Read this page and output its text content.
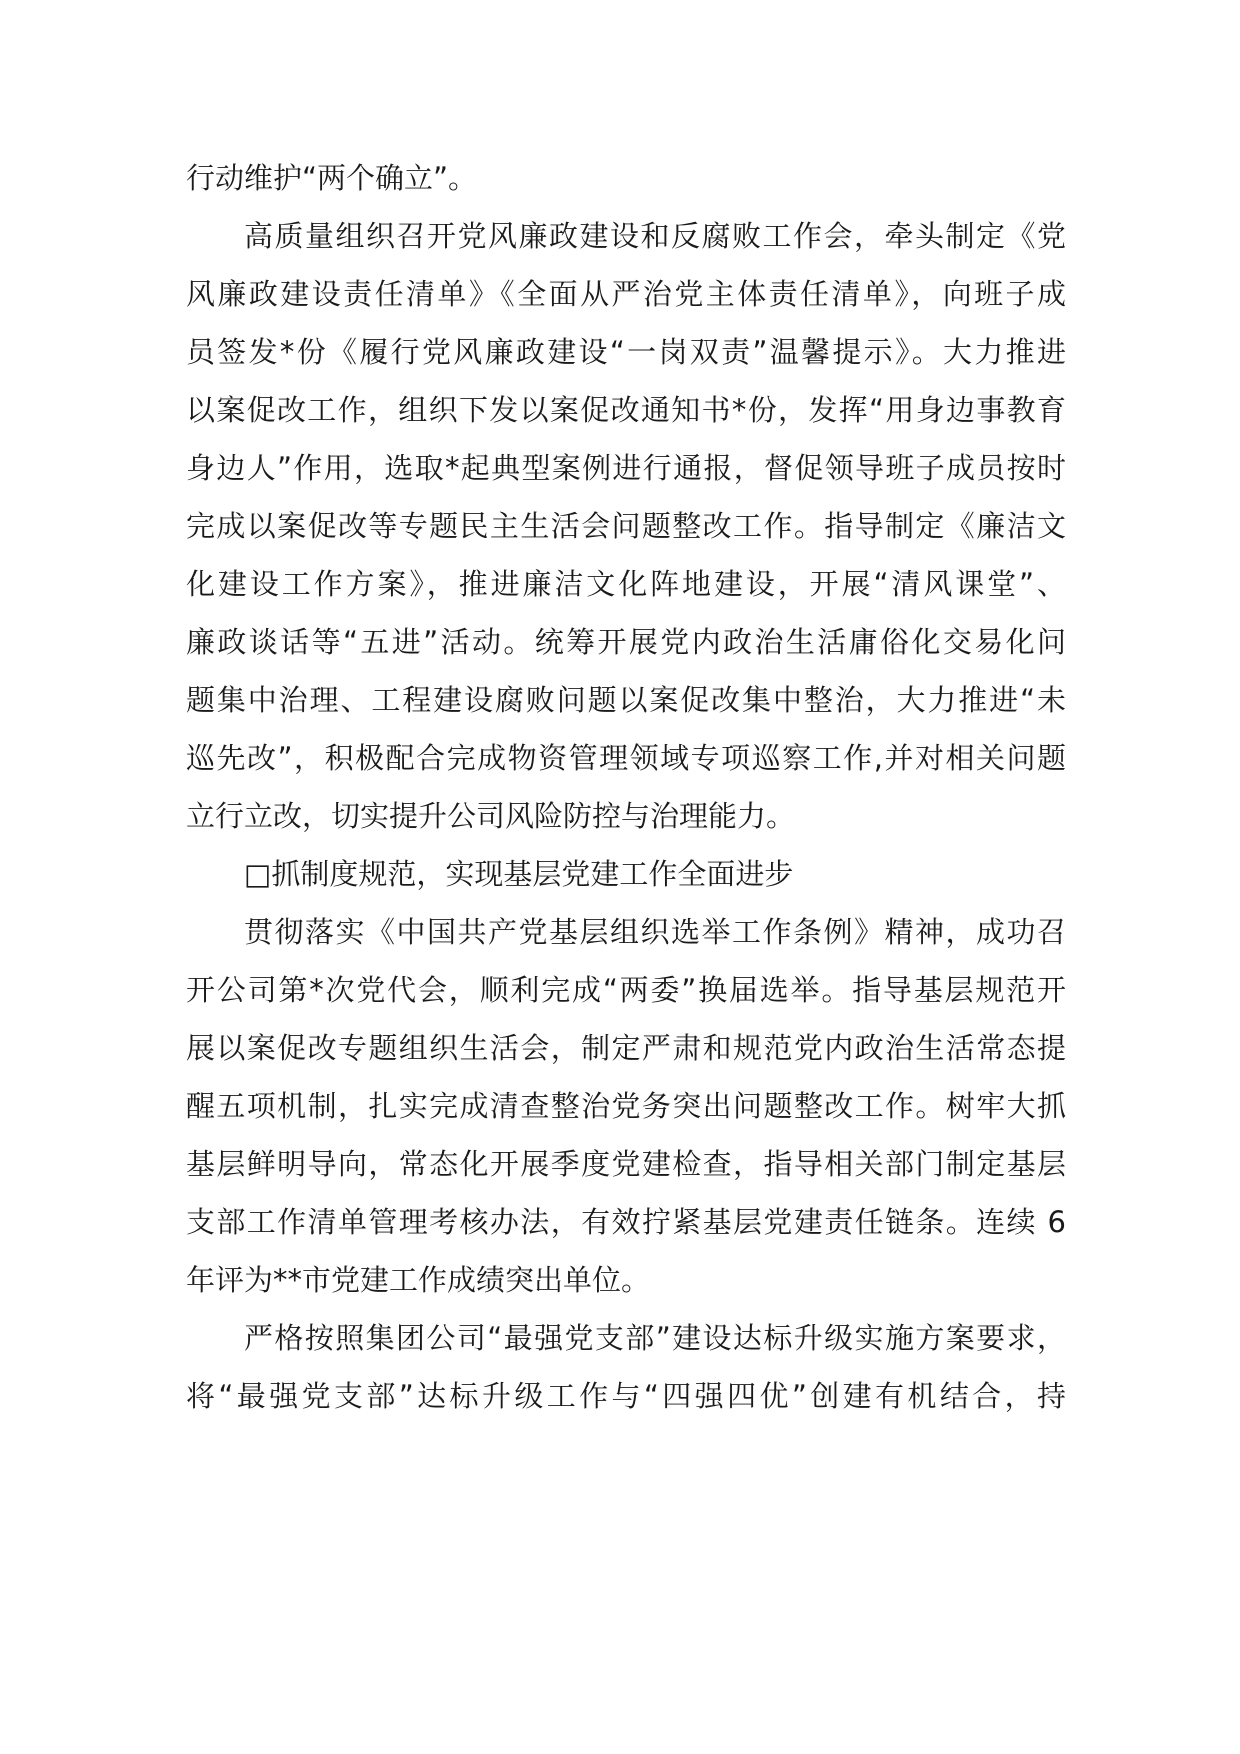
行动维护“两个确立”。
高质量组织召开党风廉政建设和反腐败工作会，牵头制定《党
风廉政建设责任清单》《全面从严治党主体责任清单》，向班子成
员签发*份《履行党风廉政建设“一岗双责”温馨提示》。大力推进
以案促改工作，组织下发以案促改通知书*份，发挥“用身边事教育
身边人”作用，选取*起典型案例进行通报，督促领导班子成员按时
完成以案促改等专题民主生活会问题整改工作。指导制定《廉洁文
化建设工作方案》，推进廉洁文化阵地建设，开展“清风课堂”、
廉政谈话等“五进”活动。统筹开展党内政治生活庸俗化交易化问
题集中治理、工程建设腐败问题以案促改集中整治，大力推进“未
巡先改”，积极配合完成物资管理领域专项巡察工作,并对相关问题
立行立改，切实提升公司风险防控与治理能力。
□抓制度规范，实现基层党建工作全面进步
贯彻落实《中国共产党基层组织选举工作条例》精神，成功召
开公司第*次党代会，顺利完成“两委”换届选举。指导基层规范开
展以案促改专题组织生活会，制定严肃和规范党内政治生活常态提
醒五项机制，扎实完成清查整治党务突出问题整改工作。树牢大抓
基层鲜明导向，常态化开展季度党建检查，指导相关部门制定基层
支部工作清单管理考核办法，有效拧紧基层党建责任链条。连续 6
年评为**市党建工作成绩突出单位。
严格按照集团公司“最强党支部”建设达标升级实施方案要求，
将“最强党支部”达标升级工作与“四强四优”创建有机结合，持
